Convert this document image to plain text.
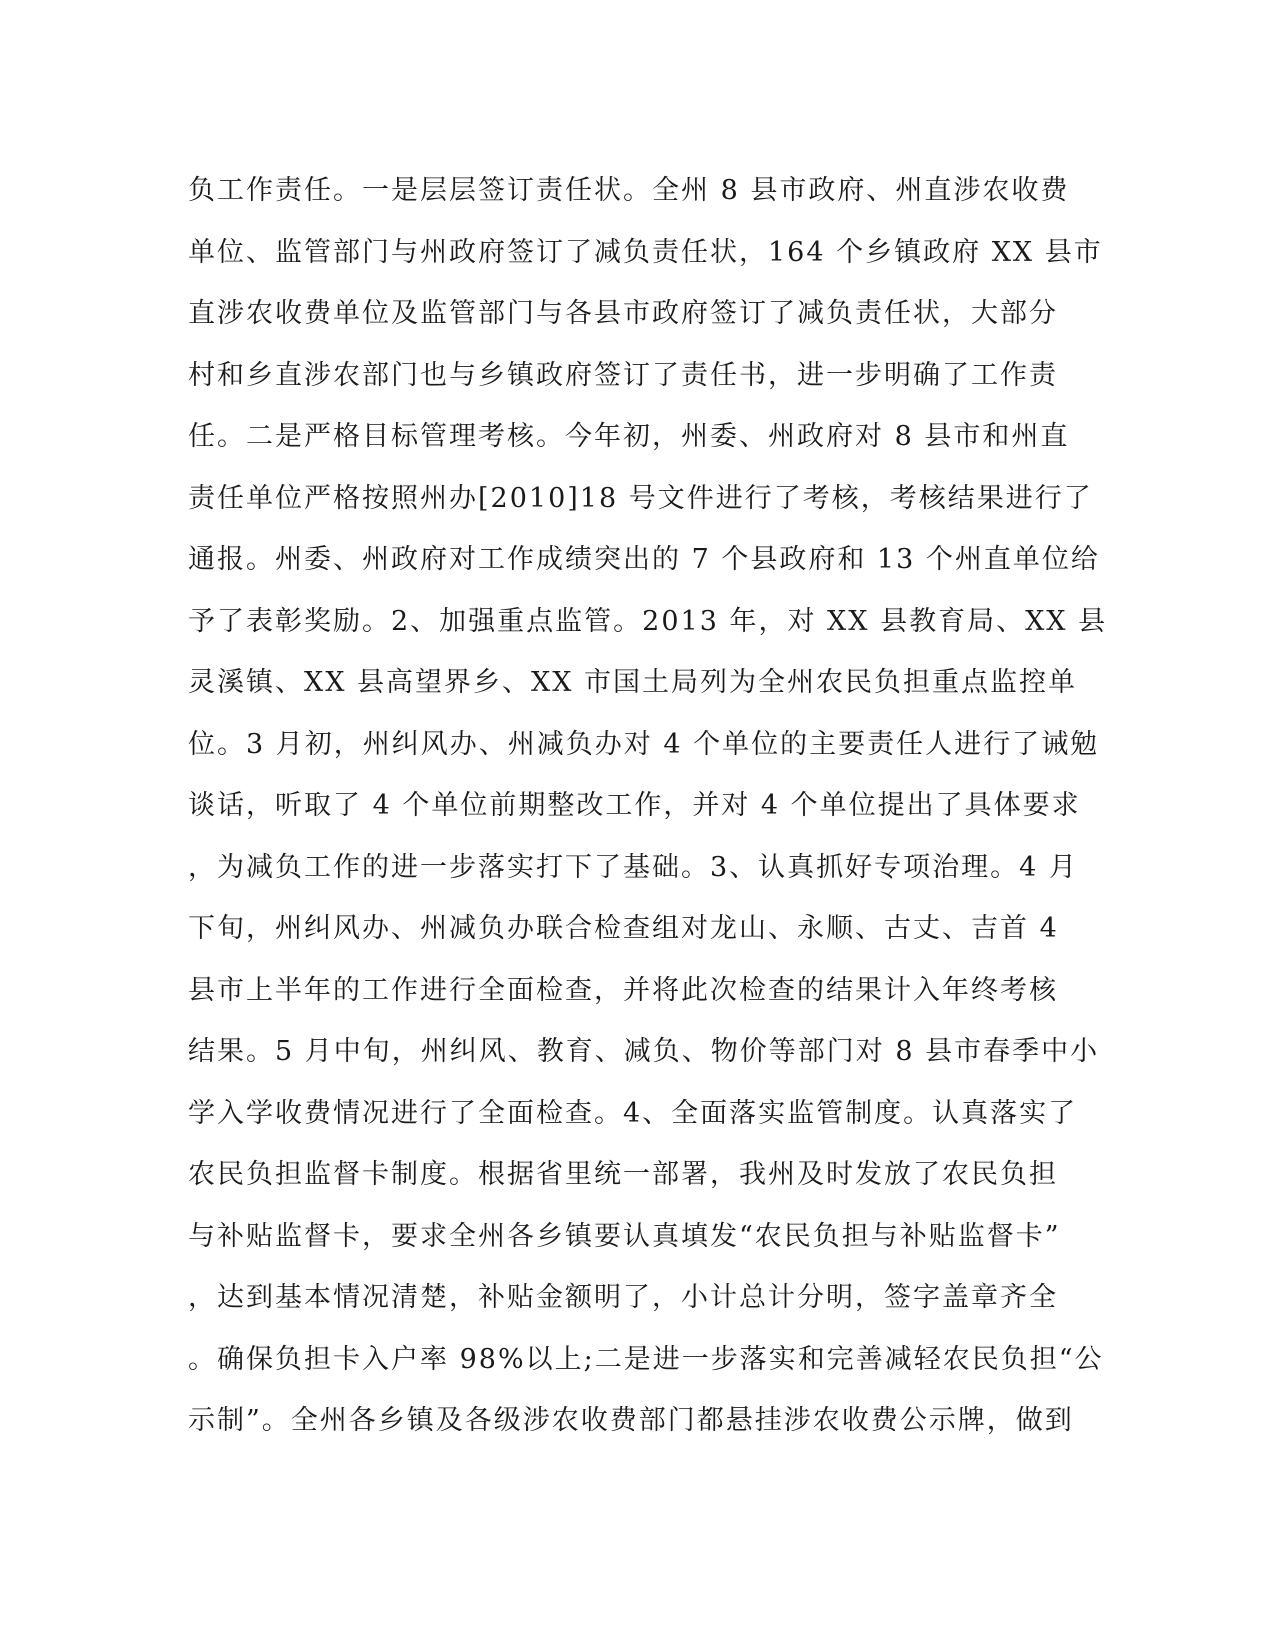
负工作责任。一是层层签订责任状。全州 8 县市政府、州直涉农收费
单位、监管部门与州政府签订了减负责任状，164 个乡镇政府 XX 县市
直涉农收费单位及监管部门与各县市政府签订了减负责任状，大部分
村和乡直涉农部门也与乡镇政府签订了责任书，进一步明确了工作责
任。二是严格目标管理考核。今年初，州委、州政府对 8 县市和州直
责任单位严格按照州办[2010]18 号文件进行了考核，考核结果进行了
通报。州委、州政府对工作成绩突出的 7 个县政府和 13 个州直单位给
予了表彰奖励。2、加强重点监管。2013 年，对 XX 县教育局、XX 县
灵溪镇、XX 县高望界乡、XX 市国土局列为全州农民负担重点监控单
位。3 月初，州纠风办、州减负办对 4 个单位的主要责任人进行了诫勉
谈话，听取了 4 个单位前期整改工作，并对 4 个单位提出了具体要求
，为减负工作的进一步落实打下了基础。3、认真抓好专项治理。4 月
下旬，州纠风办、州减负办联合检查组对龙山、永顺、古丈、吉首 4
县市上半年的工作进行全面检查，并将此次检查的结果计入年终考核
结果。5 月中旬，州纠风、教育、减负、物价等部门对 8 县市春季中小
学入学收费情况进行了全面检查。4、全面落实监管制度。认真落实了
农民负担监督卡制度。根据省里统一部署，我州及时发放了农民负担
与补贴监督卡，要求全州各乡镇要认真填发“农民负担与补贴监督卡”
，达到基本情况清楚，补贴金额明了，小计总计分明，签字盖章齐全
。确保负担卡入户率 98%以上;二是进一步落实和完善减轻农民负担“公
示制”。全州各乡镇及各级涉农收费部门都悬挂涉农收费公示牌，做到
